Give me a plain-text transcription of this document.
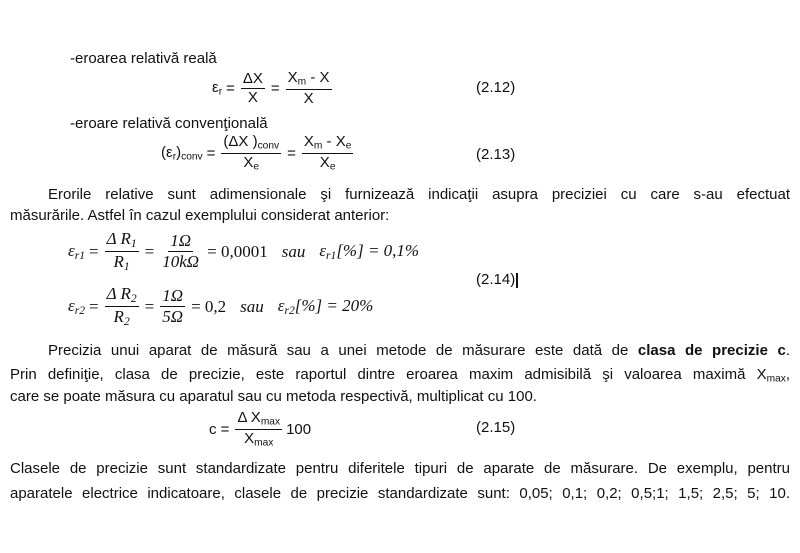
-eroarea relativă reală
$\varepsilon_r = \frac{\Delta X}{X} = \frac{X_m - X}{X}$	(2.12)
-eroare relativă convenţională
$(\varepsilon_r)_{conv} = \frac{(\Delta X )_{conv}}{X_e} = \frac{X_m - X_e}{X_e}$	(2.13)
Erorile relative sunt adimensionale şi furnizează indicaţii asupra preciziei cu care s-au efectuat
măsurările. Astfel în cazul exemplului considerat anterior:
$\varepsilon_{r1} = \frac{\Delta R_1}{R_1} = \frac{1\Omega}{10k\Omega} = 0,0001$ sau $\varepsilon_{r1}[\%] = 0,1\%$
$\varepsilon_{r2} = \frac{\Delta R_2}{R_2} = \frac{1\Omega}{5\Omega} = 0,2$ sau $\varepsilon_{r2}[\%] = 20\%$
(2.14)
Precizia unui aparat de măsură sau a unei metode de măsurare este dată de clasa de precizie c.
Prin definiţie, clasa de precizie, este raportul dintre eroarea maxim admisibilă şi valoarea maximă $X_{max}$,
care se poate măsura cu aparatul sau cu metoda respectivă, multiplicat cu 100.
$c = \frac{\Delta X_{max}}{X_{max}} 100$	(2.15)
Clasele de precizie sunt standardizate pentru diferitele tipuri de aparate de măsurare. De exemplu, pentru
aparatele electrice indicatoare, clasele de precizie standardizate sunt: 0,05; 0,1; 0,2; 0,5;1; 1,5; 2,5; 5; 10.
